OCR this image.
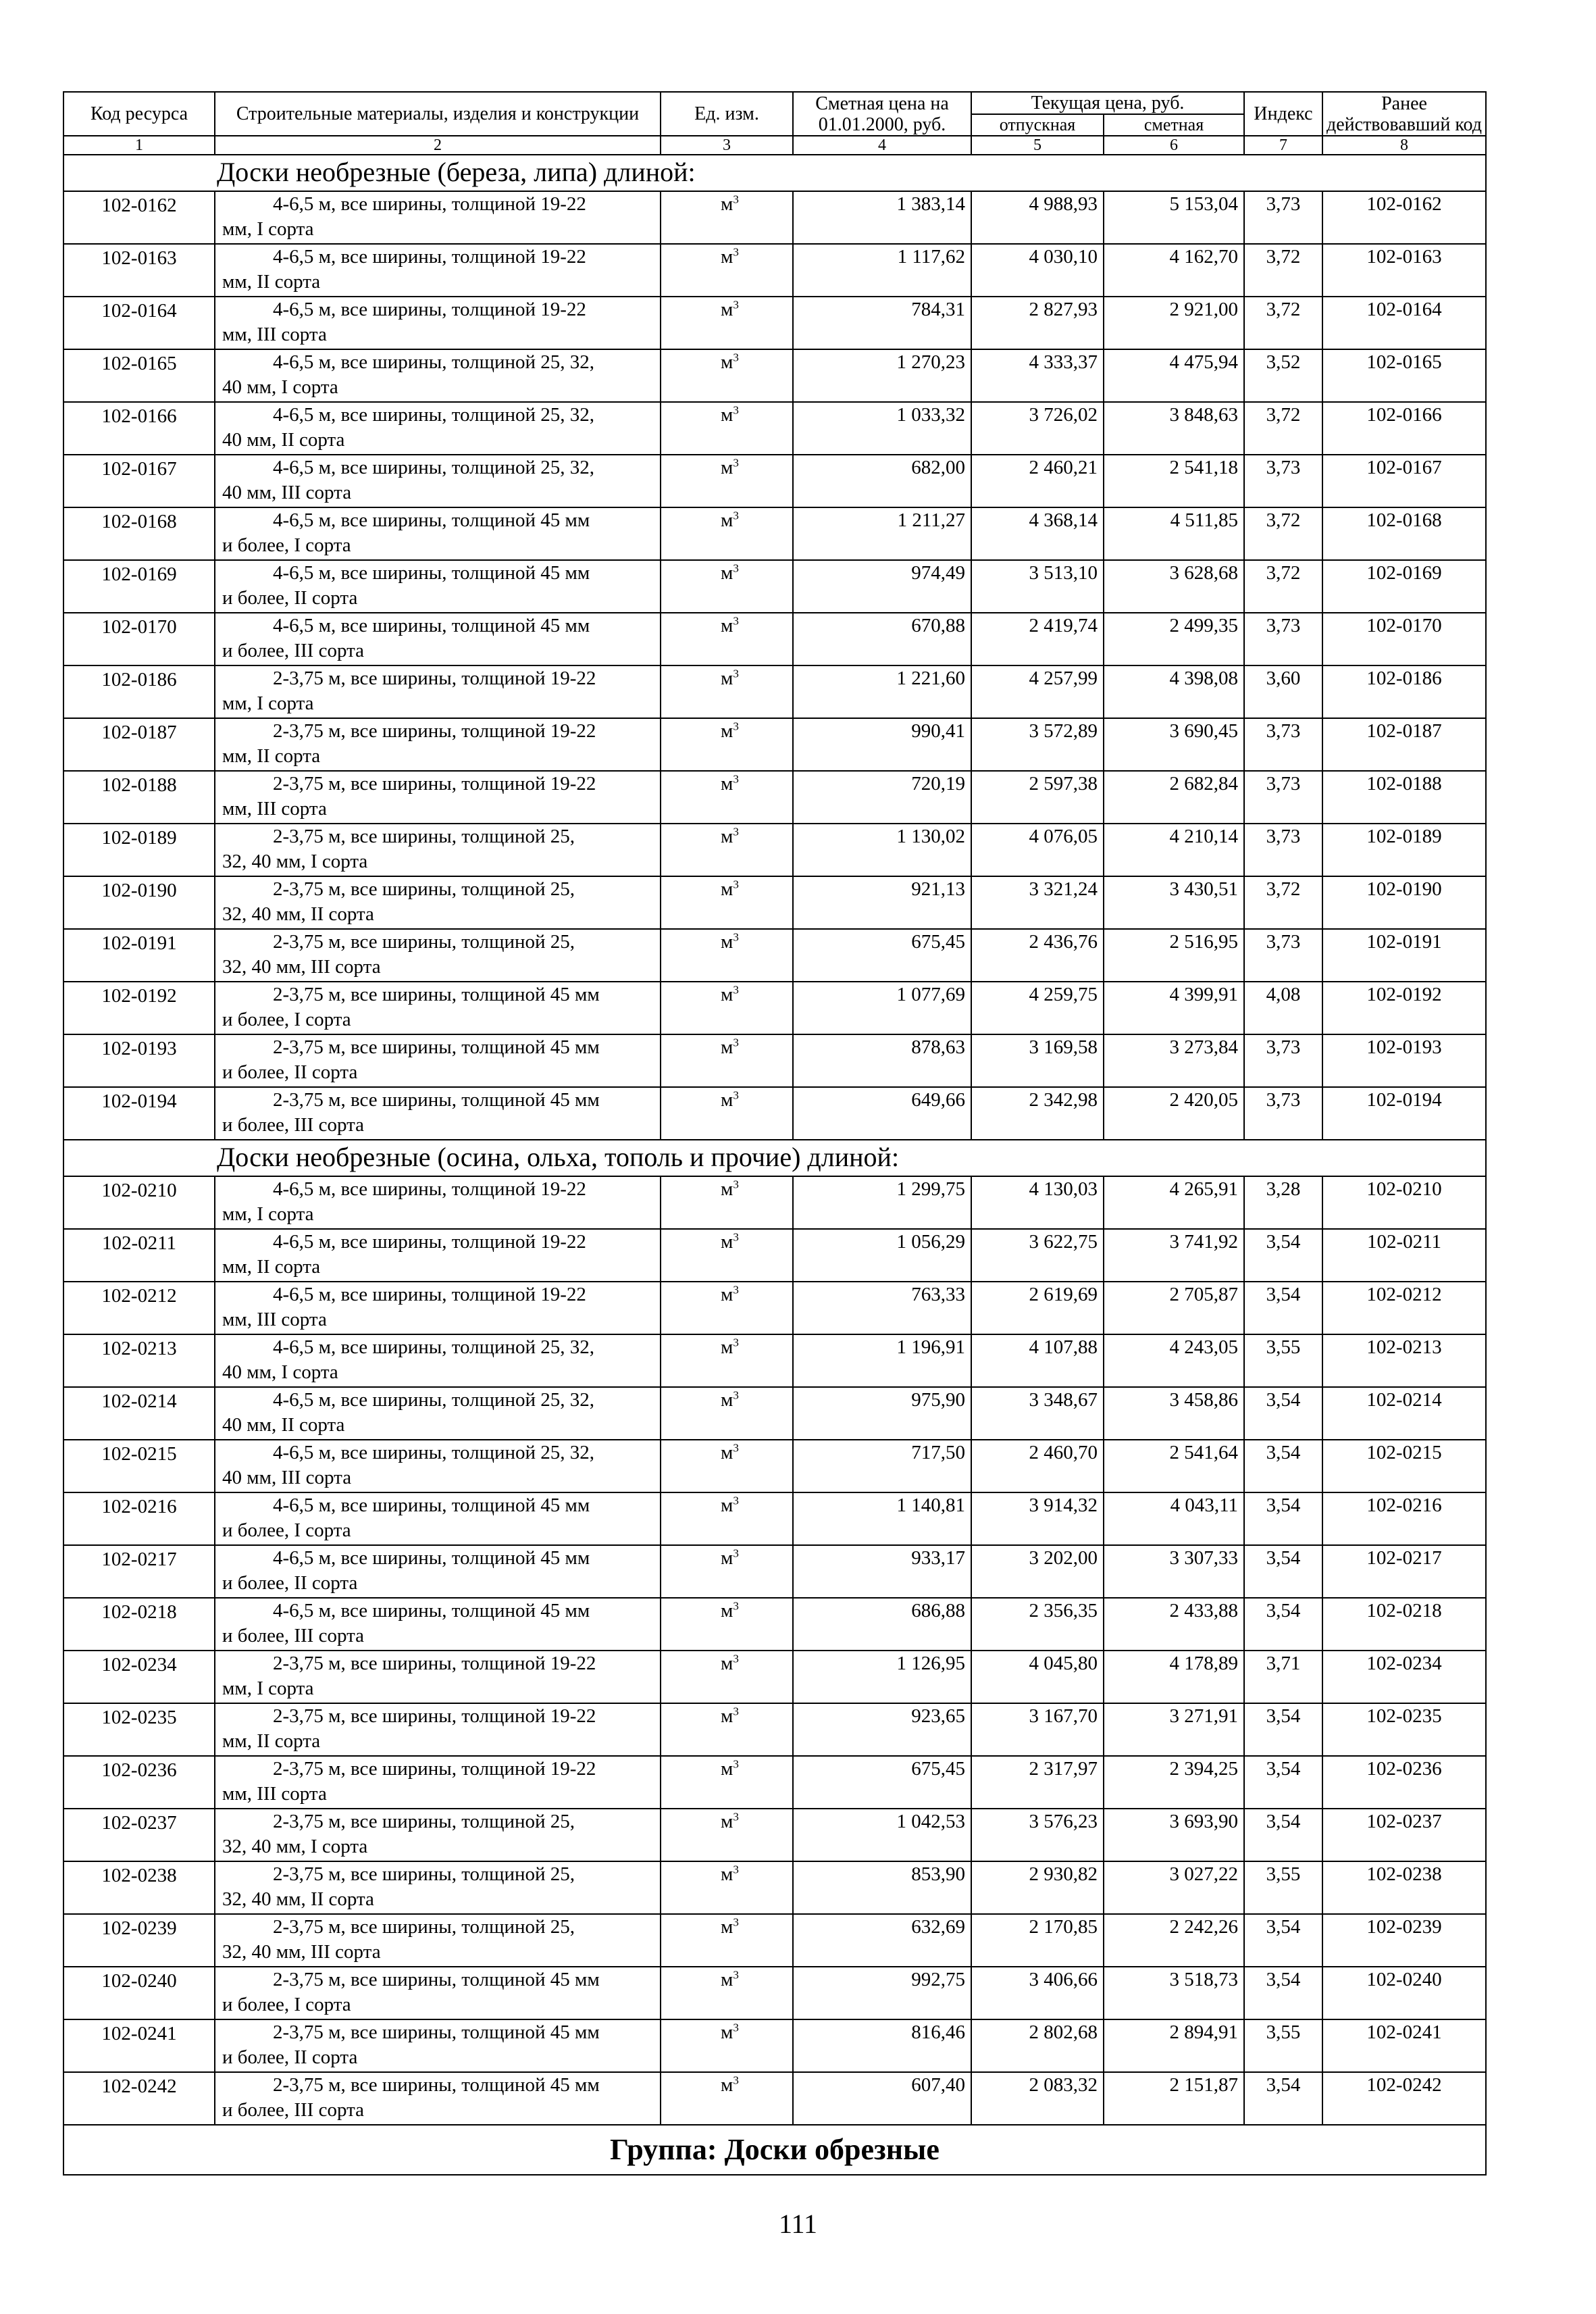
Код ресурса	Строительные материалы, изделия и конструкции	Ед. изм.	Сметная цена на 01.01.2000, руб.	Текущая цена, руб.		Индекс	Ранее действовавший код
				отпускная	сметная		
1	2	3	4	5	6	7	8
Доски необрезные (береза, липа) длиной:							
102-0162	4-6,5 м, все ширины, толщиной 19-22
мм, I сорта	$м^3$	1 383,14	4 988,93	5 153,04	3,73	102-0162
102-0163	4-6,5 м, все ширины, толщиной 19-22
мм, II сорта	$м^3$	1 117,62	4 030,10	4 162,70	3,72	102-0163
102-0164	4-6,5 м, все ширины, толщиной 19-22
мм, III сорта	$м^3$	784,31	2 827,93	2 921,00	3,72	102-0164
102-0165	4-6,5 м, все ширины, толщиной 25, 32,
40 мм, I сорта	$м^3$	1 270,23	4 333,37	4 475,94	3,52	102-0165
102-0166	4-6,5 м, все ширины, толщиной 25, 32,
40 мм, II сорта	$м^3$	1 033,32	3 726,02	3 848,63	3,72	102-0166
102-0167	4-6,5 м, все ширины, толщиной 25, 32,
40 мм, III сорта	$м^3$	682,00	2 460,21	2 541,18	3,73	102-0167
102-0168	4-6,5 м, все ширины, толщиной 45 мм
и более, I сорта	$м^3$	1 211,27	4 368,14	4 511,85	3,72	102-0168
102-0169	4-6,5 м, все ширины, толщиной 45 мм
и более, II сорта	$м^3$	974,49	3 513,10	3 628,68	3,72	102-0169
102-0170	4-6,5 м, все ширины, толщиной 45 мм
и более, III сорта	$м^3$	670,88	2 419,74	2 499,35	3,73	102-0170
102-0186	2-3,75 м, все ширины, толщиной 19-22
мм, I сорта	$м^3$	1 221,60	4 257,99	4 398,08	3,60	102-0186
102-0187	2-3,75 м, все ширины, толщиной 19-22
мм, II сорта	$м^3$	990,41	3 572,89	3 690,45	3,73	102-0187
102-0188	2-3,75 м, все ширины, толщиной 19-22
мм, III сорта	$м^3$	720,19	2 597,38	2 682,84	3,73	102-0188
102-0189	2-3,75 м, все ширины, толщиной 25,
32, 40 мм, I сорта	$м^3$	1 130,02	4 076,05	4 210,14	3,73	102-0189
102-0190	2-3,75 м, все ширины, толщиной 25,
32, 40 мм, II сорта	$м^3$	921,13	3 321,24	3 430,51	3,72	102-0190
102-0191	2-3,75 м, все ширины, толщиной 25,
32, 40 мм, III сорта	$м^3$	675,45	2 436,76	2 516,95	3,73	102-0191
102-0192	2-3,75 м, все ширины, толщиной 45 мм
и более, I сорта	$м^3$	1 077,69	4 259,75	4 399,91	4,08	102-0192
102-0193	2-3,75 м, все ширины, толщиной 45 мм
и более, II сорта	$м^3$	878,63	3 169,58	3 273,84	3,73	102-0193
102-0194	2-3,75 м, все ширины, толщиной 45 мм
и более, III сорта	$м^3$	649,66	2 342,98	2 420,05	3,73	102-0194
Доски необрезные (осина, ольха, тополь и прочие) длиной:							
102-0210	4-6,5 м, все ширины, толщиной 19-22
мм, I сорта	$м^3$	1 299,75	4 130,03	4 265,91	3,28	102-0210
102-0211	4-6,5 м, все ширины, толщиной 19-22
мм, II сорта	$м^3$	1 056,29	3 622,75	3 741,92	3,54	102-0211
102-0212	4-6,5 м, все ширины, толщиной 19-22
мм, III сорта	$м^3$	763,33	2 619,69	2 705,87	3,54	102-0212
102-0213	4-6,5 м, все ширины, толщиной 25, 32,
40 мм, I сорта	$м^3$	1 196,91	4 107,88	4 243,05	3,55	102-0213
102-0214	4-6,5 м, все ширины, толщиной 25, 32,
40 мм, II сорта	$м^3$	975,90	3 348,67	3 458,86	3,54	102-0214
102-0215	4-6,5 м, все ширины, толщиной 25, 32,
40 мм, III сорта	$м^3$	717,50	2 460,70	2 541,64	3,54	102-0215
102-0216	4-6,5 м, все ширины, толщиной 45 мм
и более, I сорта	$м^3$	1 140,81	3 914,32	4 043,11	3,54	102-0216
102-0217	4-6,5 м, все ширины, толщиной 45 мм
и более, II сорта	$м^3$	933,17	3 202,00	3 307,33	3,54	102-0217
102-0218	4-6,5 м, все ширины, толщиной 45 мм
и более, III сорта	$м^3$	686,88	2 356,35	2 433,88	3,54	102-0218
102-0234	2-3,75 м, все ширины, толщиной 19-22
мм, I сорта	$м^3$	1 126,95	4 045,80	4 178,89	3,71	102-0234
102-0235	2-3,75 м, все ширины, толщиной 19-22
мм, II сорта	$м^3$	923,65	3 167,70	3 271,91	3,54	102-0235
102-0236	2-3,75 м, все ширины, толщиной 19-22
мм, III сорта	$м^3$	675,45	2 317,97	2 394,25	3,54	102-0236
102-0237	2-3,75 м, все ширины, толщиной 25,
32, 40 мм, I сорта	$м^3$	1 042,53	3 576,23	3 693,90	3,54	102-0237
102-0238	2-3,75 м, все ширины, толщиной 25,
32, 40 мм, II сорта	$м^3$	853,90	2 930,82	3 027,22	3,55	102-0238
102-0239	2-3,75 м, все ширины, толщиной 25,
32, 40 мм, III сорта	$м^3$	632,69	2 170,85	2 242,26	3,54	102-0239
102-0240	2-3,75 м, все ширины, толщиной 45 мм
и более, I сорта	$м^3$	992,75	3 406,66	3 518,73	3,54	102-0240
102-0241	2-3,75 м, все ширины, толщиной 45 мм
и более, II сорта	$м^3$	816,46	2 802,68	2 894,91	3,55	102-0241
102-0242	2-3,75 м, все ширины, толщиной 45 мм
и более, III сорта	$м^3$	607,40	2 083,32	2 151,87	3,54	102-0242
Группа: Доски обрезные							
111
